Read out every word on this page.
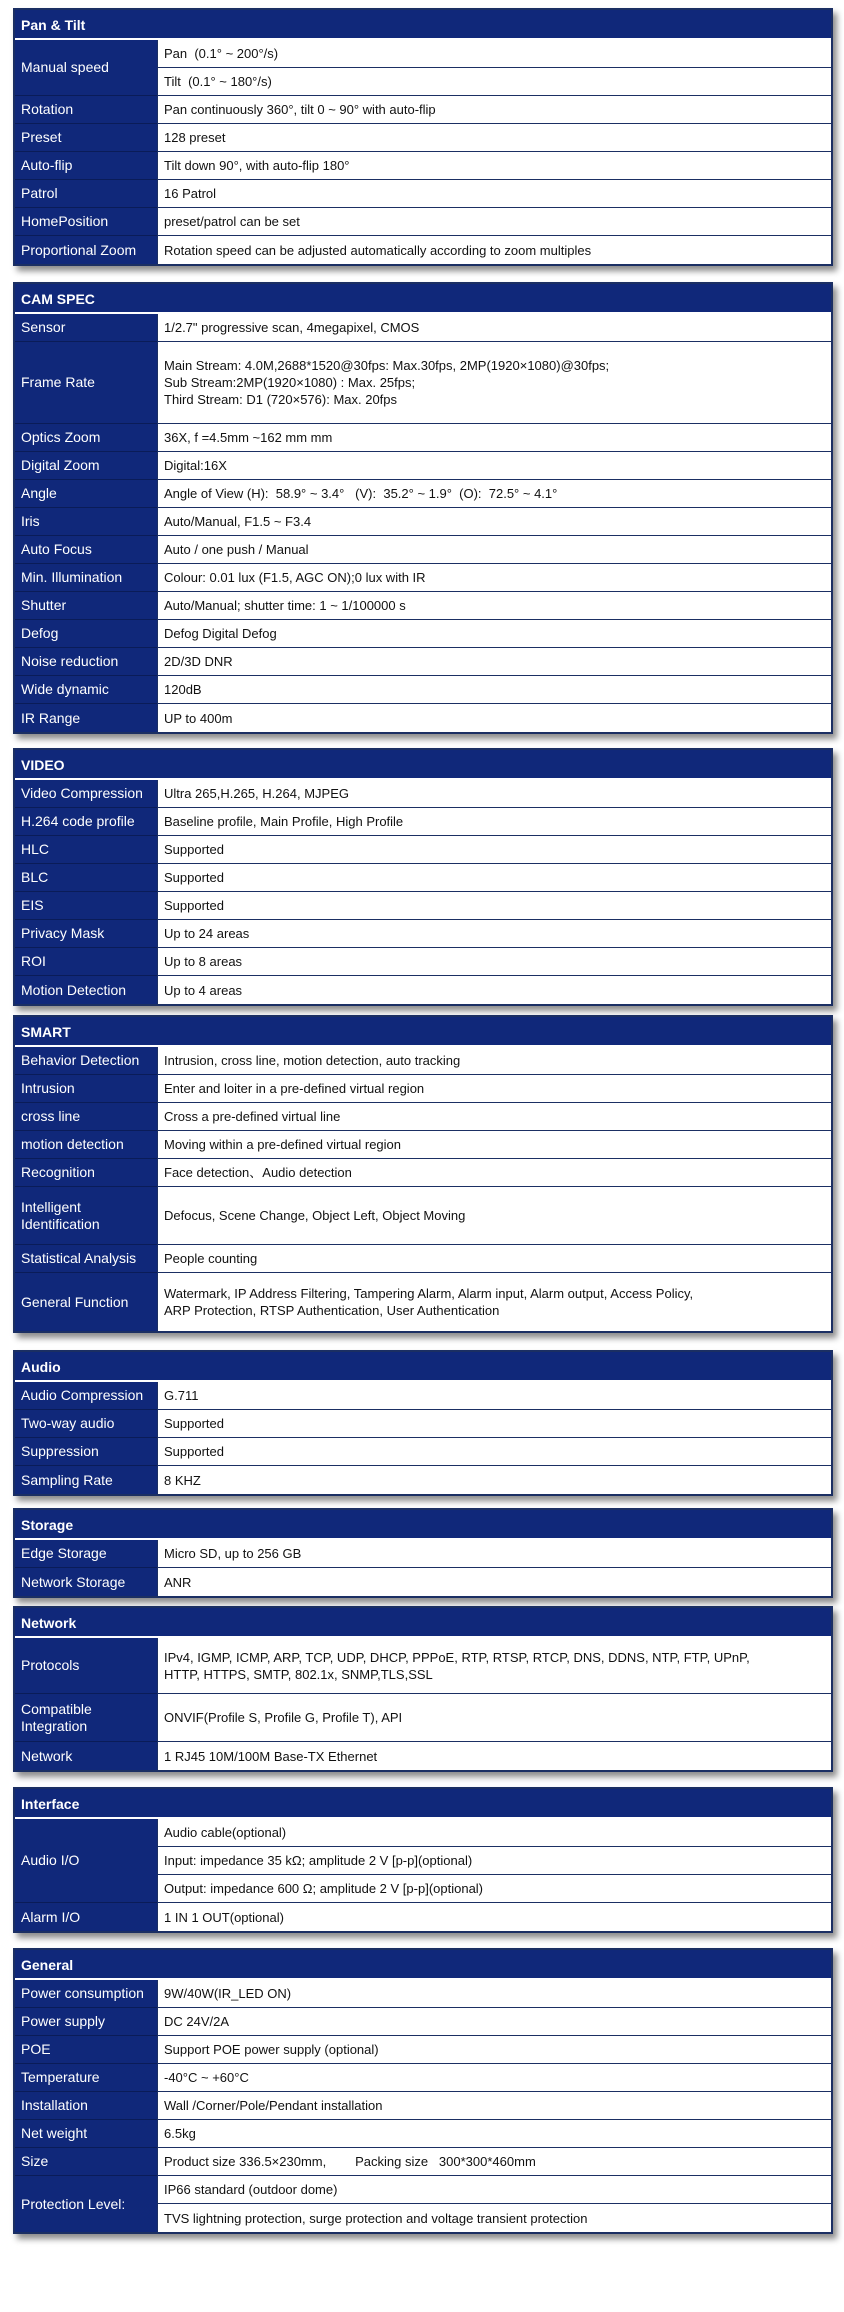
Pan & Tilt
Manual speed
Rotation
Preset
Auto-flip
Patrol
HomePosition
Proportional Zoom
Pan  (0.1° ~ 200°/s)
Tilt  (0.1° ~ 180°/s)
Pan continuously 360°, tilt 0 ~ 90° with auto-flip
128 preset
Tilt down 90°, with auto-flip 180°
16 Patrol
preset/patrol can be set
Rotation speed can be adjusted automatically according to zoom multiples
CAM SPEC
Sensor
Frame Rate
Optics Zoom
Digital Zoom
Angle
Iris
Auto Focus
Min. Illumination
Shutter
Defog
Noise reduction
Wide dynamic
IR Range
1/2.7" progressive scan, 4megapixel, CMOS
Main Stream: 4.0M,2688*1520@30fps: Max.30fps, 2MP(1920×1080)@30fps;
Sub Stream:2MP(1920×1080) : Max. 25fps;
Third Stream: D1 (720×576): Max. 20fps
36X, f =4.5mm ~162 mm mm
Digital:16X
Angle of View (H):  58.9° ~ 3.4°   (V):  35.2° ~ 1.9°  (O):  72.5° ~ 4.1°
Auto/Manual, F1.5 ~ F3.4
Auto / one push / Manual
Colour: 0.01 lux (F1.5, AGC ON);0 lux with IR
Auto/Manual; shutter time: 1 ~ 1/100000 s
Defog Digital Defog
2D/3D DNR
120dB
UP to 400m
VIDEO
Video Compression
H.264 code profile
HLC
BLC
EIS
Privacy Mask
ROI
Motion Detection
Ultra 265,H.265, H.264, MJPEG
Baseline profile, Main Profile, High Profile
Supported
Supported
Supported
Up to 24 areas
Up to 8 areas
Up to 4 areas
SMART
Behavior Detection
Intrusion
cross line
motion detection
Recognition
Intelligent
Identification
Statistical Analysis
General Function
Intrusion, cross line, motion detection, auto tracking
Enter and loiter in a pre-defined virtual region
Cross a pre-defined virtual line
Moving within a pre-defined virtual region
Face detection、Audio detection
Defocus, Scene Change, Object Left, Object Moving
People counting
Watermark, IP Address Filtering, Tampering Alarm, Alarm input, Alarm output, Access Policy,
ARP Protection, RTSP Authentication, User Authentication
Audio
Audio Compression
Two-way audio
Suppression
Sampling Rate
G.711
Supported
Supported
8 KHZ
Storage
Edge Storage
Network Storage
Micro SD, up to 256 GB
ANR
Network
Protocols
Compatible
Integration
Network
IPv4, IGMP, ICMP, ARP, TCP, UDP, DHCP, PPPoE, RTP, RTSP, RTCP, DNS, DDNS, NTP, FTP, UPnP,
HTTP, HTTPS, SMTP, 802.1x, SNMP,TLS,SSL
ONVIF(Profile S, Profile G, Profile T), API
1 RJ45 10M/100M Base-TX Ethernet
Interface
Audio I/O
Alarm I/O
Audio cable(optional)
Input: impedance 35 kΩ; amplitude 2 V [p-p](optional)
Output: impedance 600 Ω; amplitude 2 V [p-p](optional)
1 IN 1 OUT(optional)
General
Power consumption
Power supply
POE
Temperature
Installation
Net weight
Size
Protection Level:
9W/40W(IR_LED ON)
DC 24V/2A
Support POE power supply (optional)
-40°C ~ +60°C
Wall /Corner/Pole/Pendant installation
6.5kg
Product size 336.5×230mm,        Packing size   300*300*460mm
IP66 standard (outdoor dome)
TVS lightning protection, surge protection and voltage transient protection
